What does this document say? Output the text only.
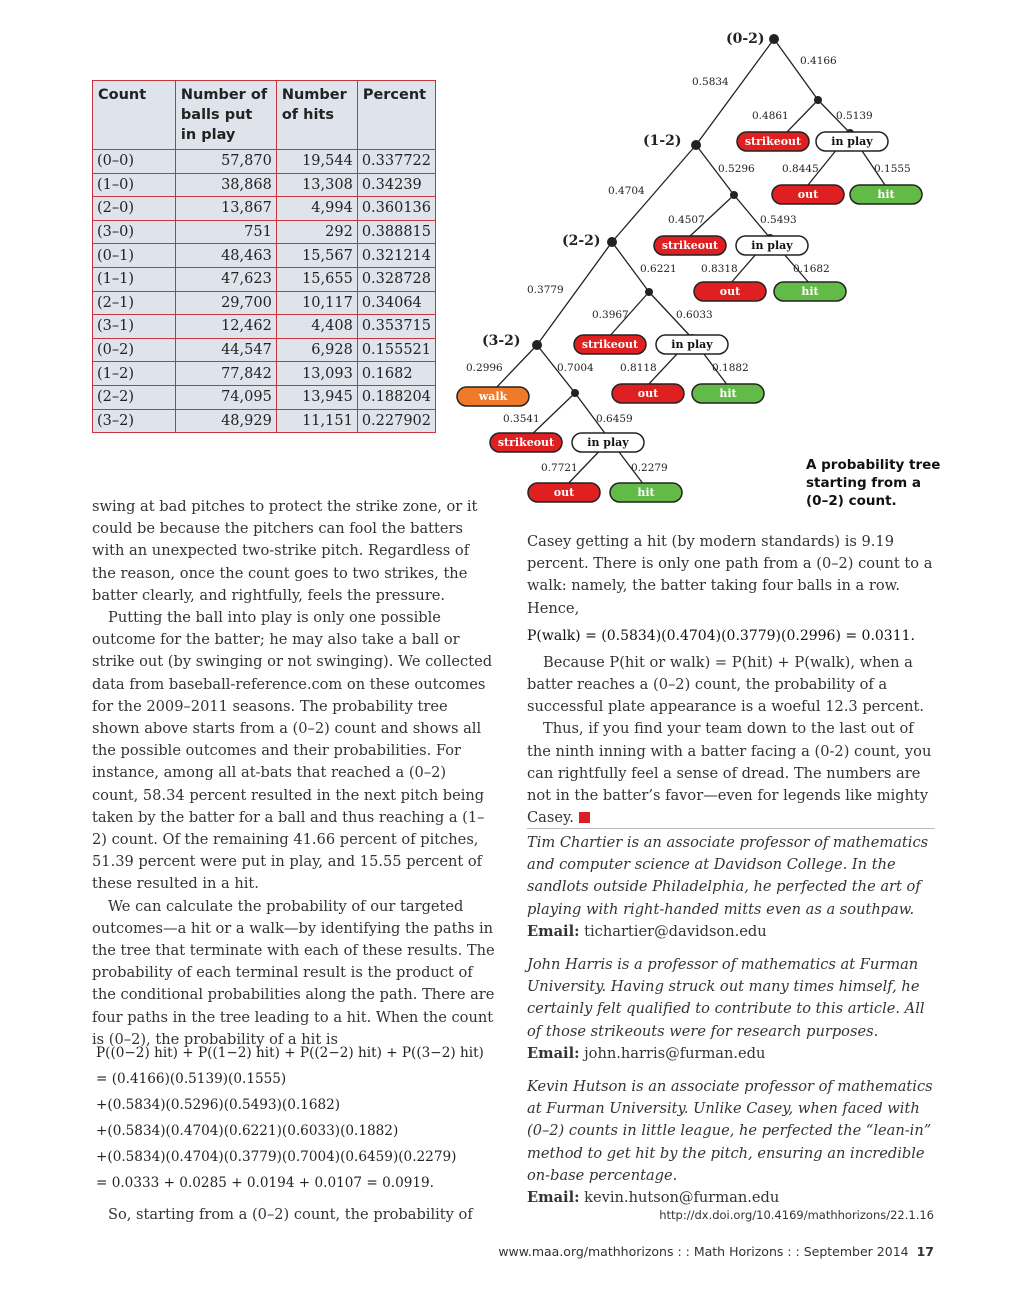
Count	Number of balls put in play	Number of hits	Percent
(0–0)	57,870	19,544	0.337722
(1–0)	38,868	13,308	0.34239
(2–0)	13,867	4,994	0.360136
(3–0)	751	292	0.388815
(0–1)	48,463	15,567	0.321214
(1–1)	47,623	15,655	0.328728
(2–1)	29,700	10,117	0.34064
(3–1)	12,462	4,408	0.353715
(0–2)	44,547	6,928	0.155521
(1–2)	77,842	13,093	0.1682
(2–2)	74,095	13,945	0.188204
(3–2)	48,929	11,151	0.227902
(0-2)
(1-2)
(2-2)
(3-2)
0.5834
0.4166
0.4861	0.5139
0.5296	0.8445	0.1555
0.4704
0.4507	0.5493
0.6221 0.8318	0.1682
0.3779
0.3967	0.6033
0.2996	0.7004	0.8118	0.1882
0.3541	0.6459
0.7721	0.2279
strikeout	in play
out	hit
strikeout	in play
out	hit
strikeout	in play
out	hit
walk
strikeout	in play
out	hit
A probability tree starting from a (0–2) count.

swing at bad pitches to protect the strike zone, or it could be because the pitchers can fool the batters with an unexpected two-strike pitch. Regardless of the reason, once the count goes to two strikes, the batter clearly, and rightfully, feels the pressure.

Putting the ball into play is only one possible outcome for the batter; he may also take a ball or strike out (by swinging or not swinging). We collected data from baseball-reference.com on these outcomes for the 2009–2011 seasons. The probability tree shown above starts from a (0–2) count and shows all the possible outcomes and their probabilities. For instance, among all at-bats that reached a (0–2) count, 58.34 percent resulted in the next pitch being taken by the batter for a ball and thus reaching a (1–2) count. Of the remaining 41.66 percent of pitches, 51.39 percent were put in play, and 15.55 percent of these resulted in a hit.

We can calculate the probability of our targeted outcomes—a hit or a walk—by identifying the paths in the tree that terminate with each of these results. The probability of each terminal result is the product of the conditional probabilities along the path. There are four paths in the tree leading to a hit. When the count is (0–2), the probability of a hit is

P((0−2) hit) + P((1−2) hit) + P((2−2) hit) + P((3−2) hit)
= (0.4166)(0.5139)(0.1555)
+(0.5834)(0.5296)(0.5493)(0.1682)
+(0.5834)(0.4704)(0.6221)(0.6033)(0.1882)
+(0.5834)(0.4704)(0.3779)(0.7004)(0.6459)(0.2279)
= 0.0333 + 0.0285 + 0.0194 + 0.0107 = 0.0919.
So, starting from a (0–2) count, the probability of

Casey getting a hit (by modern standards) is 9.19 percent. There is only one path from a (0–2) count to a walk: namely, the batter taking four balls in a row. Hence,

P(walk) = (0.5834)(0.4704)(0.3779)(0.2996) = 0.0311.

Because P(hit or walk) = P(hit) + P(walk), when a batter reaches a (0–2) count, the probability of a successful plate appearance is a woeful 12.3 percent.

Thus, if you find your team down to the last out of the ninth inning with a batter facing a (0-2) count, you can rightfully feel a sense of dread. The numbers are not in the batter’s favor—even for legends like mighty Casey.

Tim Chartier is an associate professor of mathematics and computer science at Davidson College. In the sandlots outside Philadelphia, he perfected the art of playing with right-handed mitts even as a southpaw.

Email: tichartier@davidson.edu

John Harris is a professor of mathematics at Furman University. Having struck out many times himself, he certainly felt qualified to contribute to this article. All of those strikeouts were for research purposes.

Email: john.harris@furman.edu

Kevin Hutson is an associate professor of mathematics at Furman University. Unlike Casey, when faced with (0–2) counts in little league, he perfected the “lean-in” method to get hit by the pitch, ensuring an incredible on-base percentage.

Email: kevin.hutson@furman.edu

http://dx.doi.org/10.4169/mathhorizons/22.1.16
www.maa.org/mathhorizons : : Math Horizons : : September 2014 17
